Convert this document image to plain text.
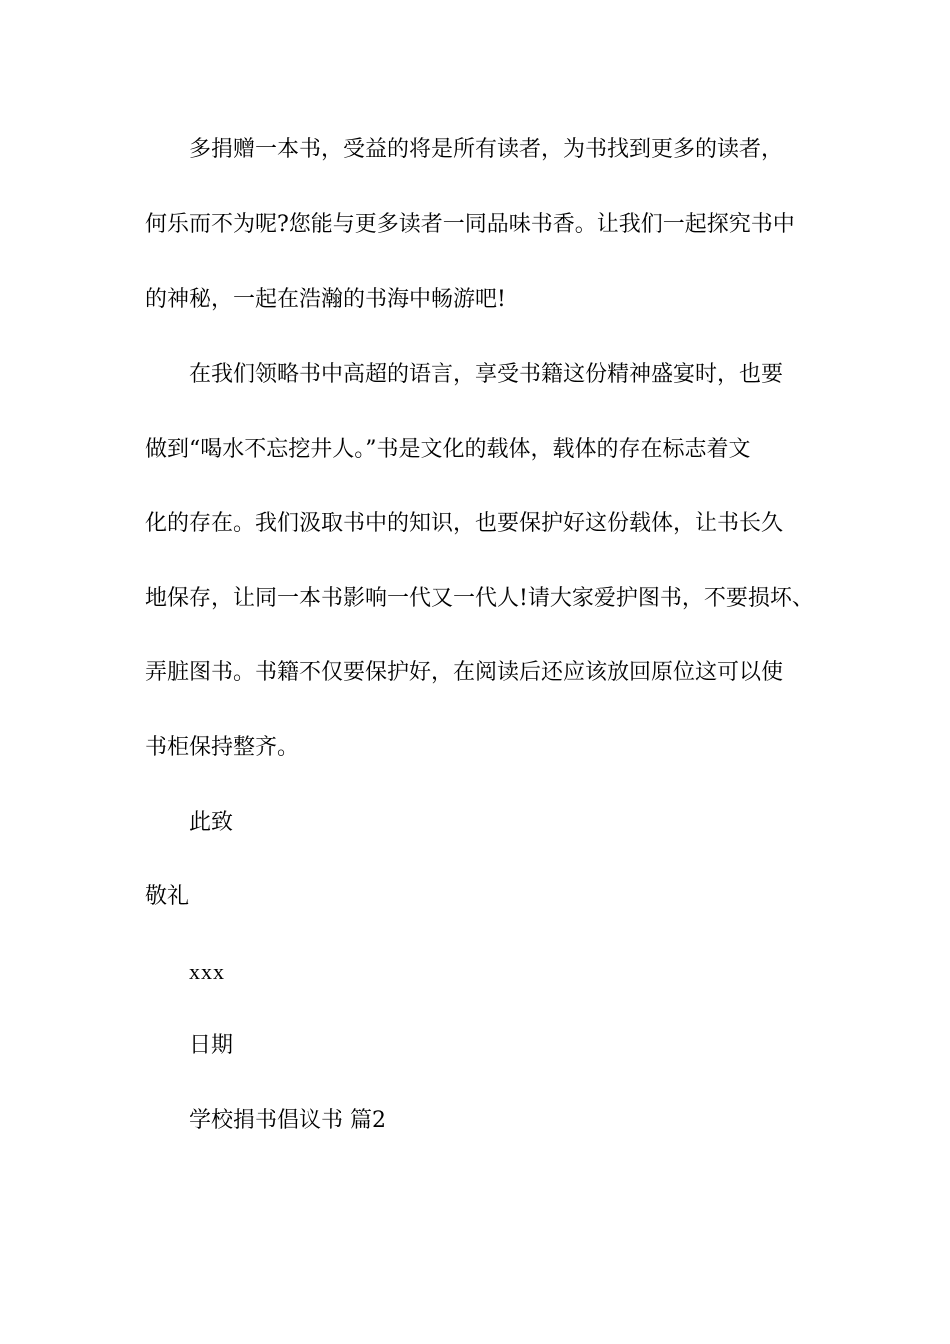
多捐赠一本书，受益的将是所有读者，为书找到更多的读者，

何乐而不为呢?您能与更多读者一同品味书香。让我们一起探究书中

的神秘，一起在浩瀚的书海中畅游吧!

在我们领略书中高超的语言，享受书籍这份精神盛宴时，也要

做到“喝水不忘挖井人。”书是文化的载体，载体的存在标志着文

化的存在。我们汲取书中的知识，也要保护好这份载体，让书长久

地保存，让同一本书影响一代又一代人!请大家爱护图书，不要损坏、

弄脏图书。书籍不仅要保护好，在阅读后还应该放回原位这可以使

书柜保持整齐。

此致

敬礼

xxx

日期

学校捐书倡议书 篇2
